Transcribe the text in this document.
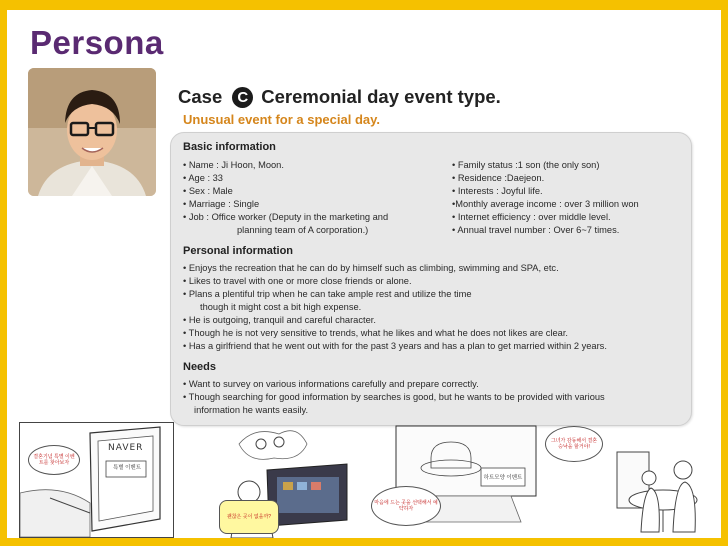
Persona
Case C Ceremonial day event type.
Unusual event for a special day.
Basic information
• Name : Ji Hoon, Moon.
• Age : 33
• Sex : Male
• Marriage : Single
• Job : Office worker (Deputy in the marketing and
planning team of A corporation.)
• Family status :1 son (the only son)
• Residence :Daejeon.
• Interests : Joyful life.
•Monthly average income : over 3 million won
• Internet efficiency : over middle level.
• Annual travel number : Over 6~7 times.
Personal information
• Enjoys the recreation that he can do by himself such as climbing, swimming and SPA, etc.
• Likes to travel with one or more close friends or alone.
• Plans a plentiful trip when he can take ample rest and utilize the time
though it might cost a bit high expense.
• He is outgoing, tranquil and careful character.
• Though he is not very sensitive to trends, what he likes and what he does not likes are clear.
• Has a girlfriend that he went out with for the past 3 years and has a plan to get married within 2 years.
Needs
• Want to survey on various informations carefully and prepare correctly.
• Though searching for good information by searches is good, but he wants to be provided with various
information he wants easily.
NAVER
특별 이벤트
결혼기념 특별 이벤트를 찾아보자
괜찮은 곳이 없을까?
하트모양 이벤트
마음에 드는 곳을 선택해서 예약하자
그녀가 감동해서 결혼 승낙을 할거야!
